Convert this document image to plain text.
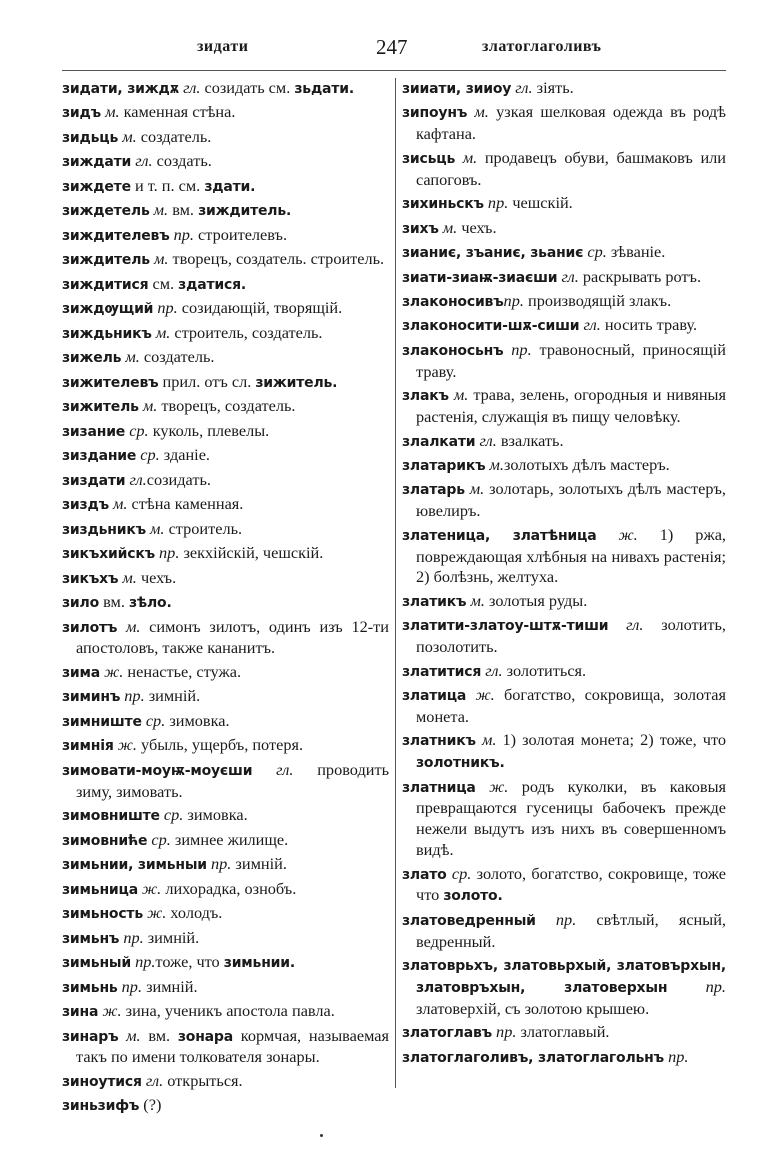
зидати	247	златоглаголивъ
зидати, зиждѫ гл. созидать см. зьдати.
зидъ м. каменная стѣна.
зидьць м. создатель.
зиждати гл. создать.
зиждете и т. п. см. здати.
зиждетель м. вм. зиждитель.
зиждителевъ пр. строителевъ.
зиждитель м. творецъ, создатель. строитель.
зиждитися см. здатися.
зиждѹщий пр. созидающій, творящій.
зиждьникъ м. строитель, создатель.
зижель м. создатель.
зижителевъ прил. отъ сл. зижитель.
зижитель м. творецъ, создатель.
зизание ср. куколь, плевелы.
зиздание ср. зданіе.
зиздати гл.созидать.
зиздъ м. стѣна каменная.
зиздьникъ м. строитель.
зикъхийскъ пр. зекхійскій, чешскій.
зикъхъ м. чехъ.
зило вм. зѣло.
зилотъ м. симонъ зилотъ, одинъ изъ 12-ти апостоловъ, также кананитъ.
зима ж. ненастье, стужа.
зиминъ пр. зимній.
зимниште ср. зимовка.
зимнія ж. убыль, ущербъ, потеря.
зимовати-моуѭ-моуєши гл. проводить зиму, зимовать.
зимовниште ср. зимовка.
зимовниће ср. зимнее жилище.
зимьнии, зимьныи пр. зимній.
зимьница ж. лихорадка, ознобъ.
зимьность ж. холодъ.
зимьнъ пр. зимній.
зимьный пр.тоже, что зимьнии.
зимьнь пр. зимній.
зина ж. зина, ученикъ апостола павла.
зинаръ м. вм. зонара кормчая, называемая такъ по имени толкователя зонары.
зиноутися гл. открыться.
зиньзифъ (?)
зииати, зииоу гл. зіять.
зипоунъ м. узкая шелковая одежда въ родѣ кафтана.
зисьць м. продавецъ обуви, башмаковъ или сапоговъ.
зихиньскъ пр. чешскій.
зихъ м. чехъ.
зианиє, зъаниє, зьаниє ср. зѣваніе.
зиати-зиаѭ-зиаєши гл. раскрывать ротъ.
злаконосивъпр. производящій злакъ.
злаконосити-шѫ-сиши гл. носить траву.
злаконосьнъ пр. травоносный, приносящій траву.
злакъ м. трава, зелень, огородныя и нивяныя растенія, служащія въ пищу человѣку.
злалкати гл. взалкать.
златарикъ м.золотыхъ дѣлъ мастеръ.
златарь м. золотарь, золотыхъ дѣлъ мастеръ, ювелиръ.
златеница, златѣница ж. 1) ржа, повреждающая хлѣбныя на нивахъ растенія; 2) болѣзнь, желтуха.
златикъ м. золотыя руды.
златити-златоу-штѫ-тиши гл. золотить, позолотить.
златитися гл. золотиться.
златица ж. богатство, сокровища, золотая монета.
златникъ м. 1) золотая монета; 2) тоже, что золотникъ.
златница ж. родъ куколки, въ каковыя превращаются гусеницы бабочекъ прежде нежели выдутъ изъ нихъ въ совершенномъ видѣ.
злато ср. золото, богатство, сокровище, тоже что золото.
златоведренный пр. свѣтлый, ясный, ведренный.
златоврьхъ, златовьрхый, златовърхын, златовръхын, златоверхын пр. златоверхій, съ золотою крышею.
златоглавъ пр. златоглавый.
златоглаголивъ, златоглагольнъ пр.
